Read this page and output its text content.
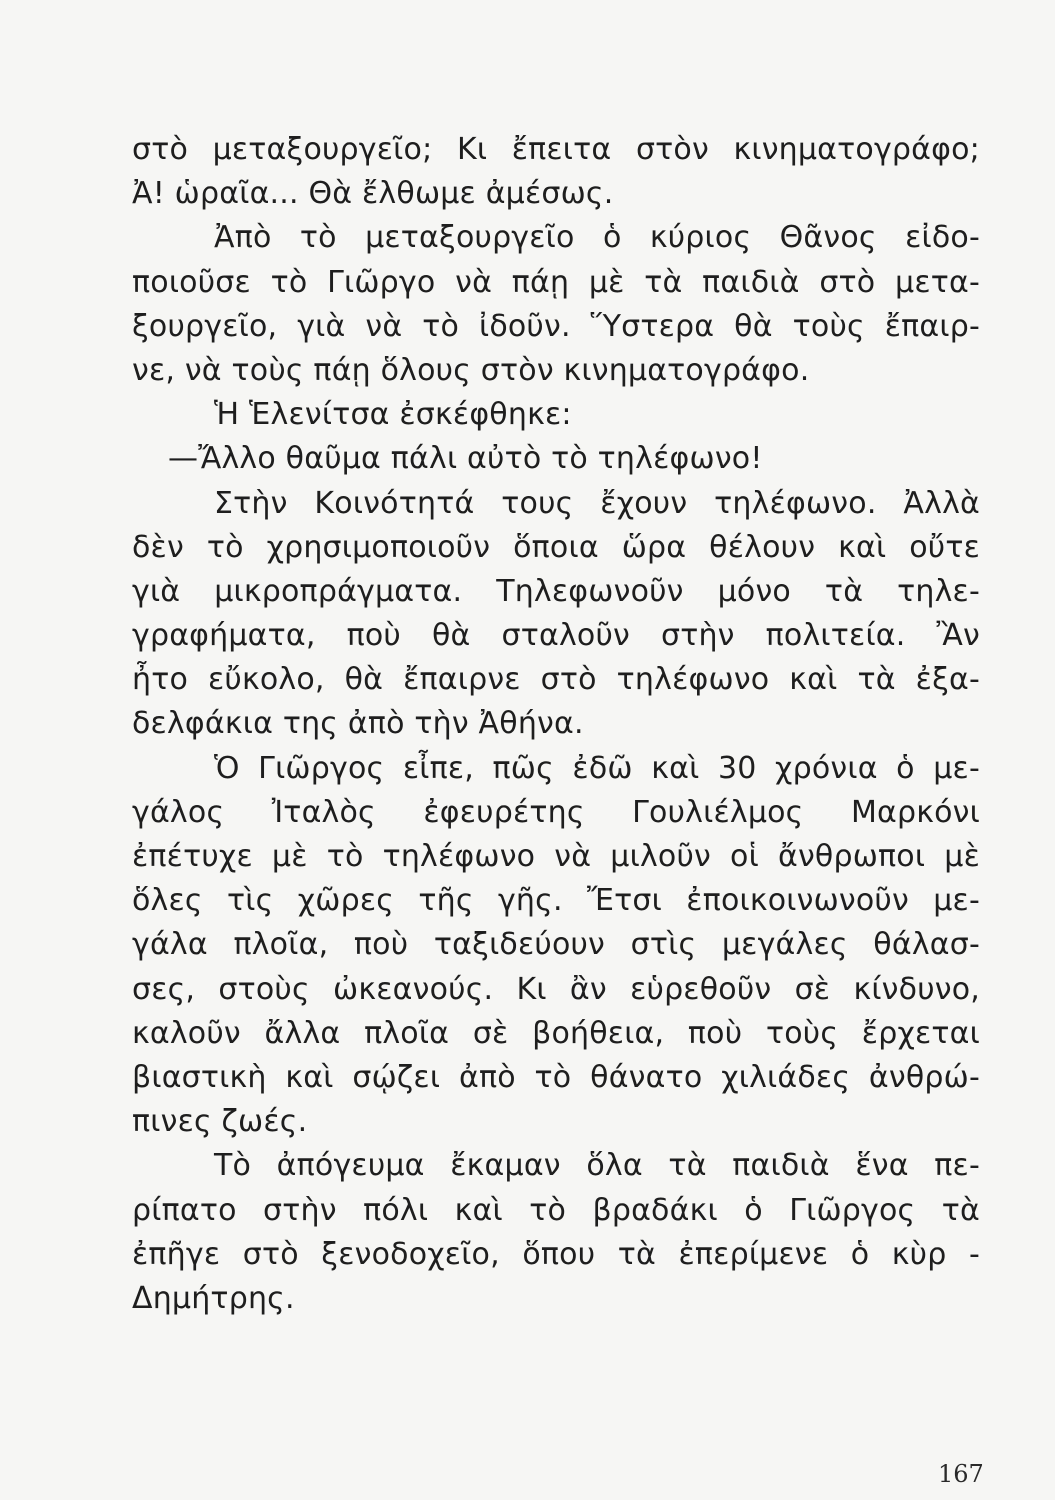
στὸ μεταξουργεῖο; Κι ἔπειτα στὸν κινηματογράφο;
Ἀ! ὡραῖα... Θὰ ἔλθωμε ἀμέσως.
Ἀπὸ τὸ μεταξουργεῖο ὁ κύριος Θᾶνος εἰδο-
ποιοῦσε τὸ Γιῶργο νὰ πάῃ μὲ τὰ παιδιὰ στὸ μετα-
ξουργεῖο, γιὰ νὰ τὸ ἰδοῦν. Ὕστερα θὰ τοὺς ἔπαιρ-
νε, νὰ τοὺς πάῃ ὅλους στὸν κινηματογράφο.
Ἡ Ἑλενίτσα ἐσκέφθηκε:
—Ἄλλο θαῦμα πάλι αὐτὸ τὸ τηλέφωνο!
Στὴν Κοινότητά τους ἔχουν τηλέφωνο. Ἀλλὰ
δὲν τὸ χρησιμοποιοῦν ὅποια ὥρα θέλουν καὶ οὔτε
γιὰ μικροπράγματα. Τηλεφωνοῦν μόνο τὰ τηλε-
γραφήματα, ποὺ θὰ σταλοῦν στὴν πολιτεία. Ἂν
ἦτο εὔκολο, θὰ ἔπαιρνε στὸ τηλέφωνο καὶ τὰ ἐξα-
δελφάκια της ἀπὸ τὴν Ἀθήνα.
Ὁ Γιῶργος εἶπε, πῶς ἐδῶ καὶ 30 χρόνια ὁ με-
γάλος Ἰταλὸς ἐφευρέτης Γουλιέλμος Μαρκόνι
ἐπέτυχε μὲ τὸ τηλέφωνο νὰ μιλοῦν οἱ ἄνθρωποι μὲ
ὅλες τὶς χῶρες τῆς γῆς. Ἔτσι ἐποικοινωνοῦν με-
γάλα πλοῖα, ποὺ ταξιδεύουν στὶς μεγάλες θάλασ-
σες, στοὺς ὠκεανούς. Κι ἂν εὑρεθοῦν σὲ κίνδυνο,
καλοῦν ἄλλα πλοῖα σὲ βοήθεια, ποὺ τοὺς ἔρχεται
βιαστικὴ καὶ σῴζει ἀπὸ τὸ θάνατο χιλιάδες ἀνθρώ-
πινες ζωές.
Τὸ ἀπόγευμα ἔκαμαν ὅλα τὰ παιδιὰ ἕνα πε-
ρίπατο στὴν πόλι καὶ τὸ βραδάκι ὁ Γιῶργος τὰ
ἐπῆγε στὸ ξενοδοχεῖο, ὅπου τὰ ἐπερίμενε ὁ κὺρ -
Δημήτρης.
167
